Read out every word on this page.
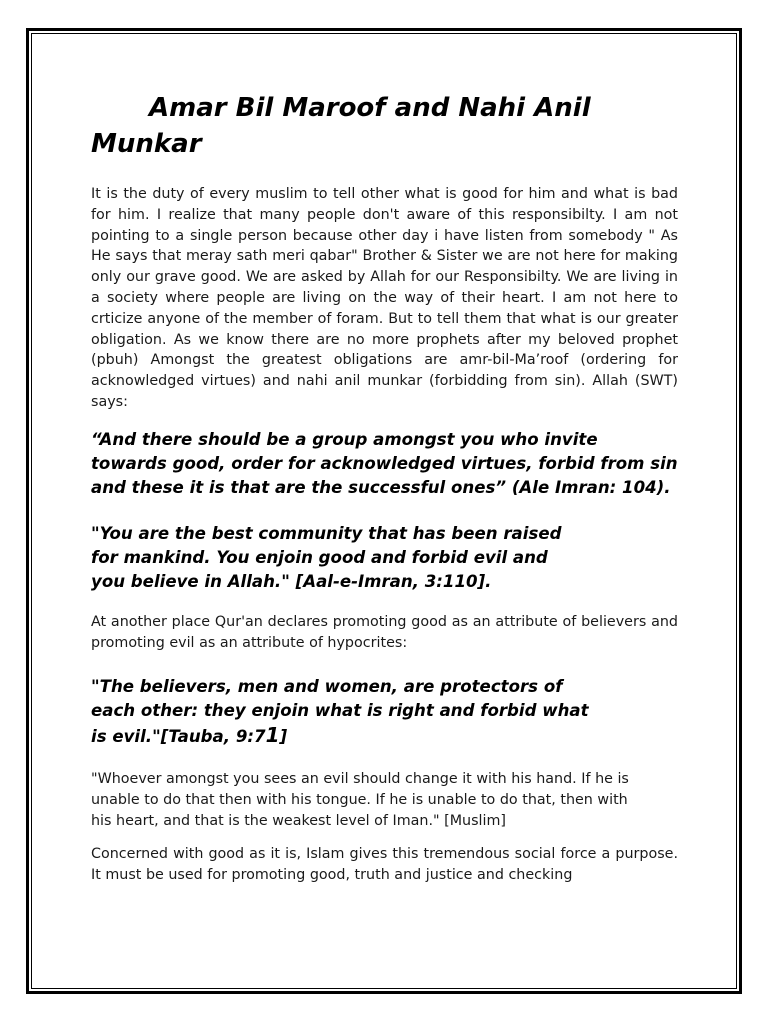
Amar Bil Maroof and Nahi Anil Munkar

It is the duty of every muslim to tell other what is good for him and what is bad for him. I realize that many people don't aware of this responsibilty. I am not pointing to a single person because other day i have listen from somebody " As He says that meray sath meri qabar" Brother & Sister we are not here for making only our grave good. We are asked by Allah for our Responsibilty. We are living in a society where people are living on the way of their heart. I am not here to crticize anyone of the member of foram. But to tell them that what is our greater obligation. As we know there are no more prophets after my beloved prophet (pbuh) Amongst the greatest obligations are amr-bil-Ma’roof (ordering for acknowledged virtues) and nahi anil munkar (forbidding from sin). Allah (SWT) says:

“And there should be a group amongst you who invite towards good, order for acknowledged virtues, forbid from sin and these it is that are the successful ones” (Ale Imran: 104).

"You are the best community that has been raised
for mankind. You enjoin good and forbid evil and
you believe in Allah." [Aal-e-Imran, 3:110].

At another place Qur'an declares promoting good as an attribute of believers and promoting evil as an attribute of hypocrites:

"The believers, men and women, are protectors of
each other: they enjoin what is right and forbid what
is evil."[Tauba, 9:71]

"Whoever amongst you sees an evil should change it with his hand. If he is
unable to do that then with his tongue. If he is unable to do that, then with
his heart, and that is the weakest level of Iman." [Muslim]

Concerned with good as it is, Islam gives this tremendous social force a purpose. It must be used for promoting good, truth and justice and checking
